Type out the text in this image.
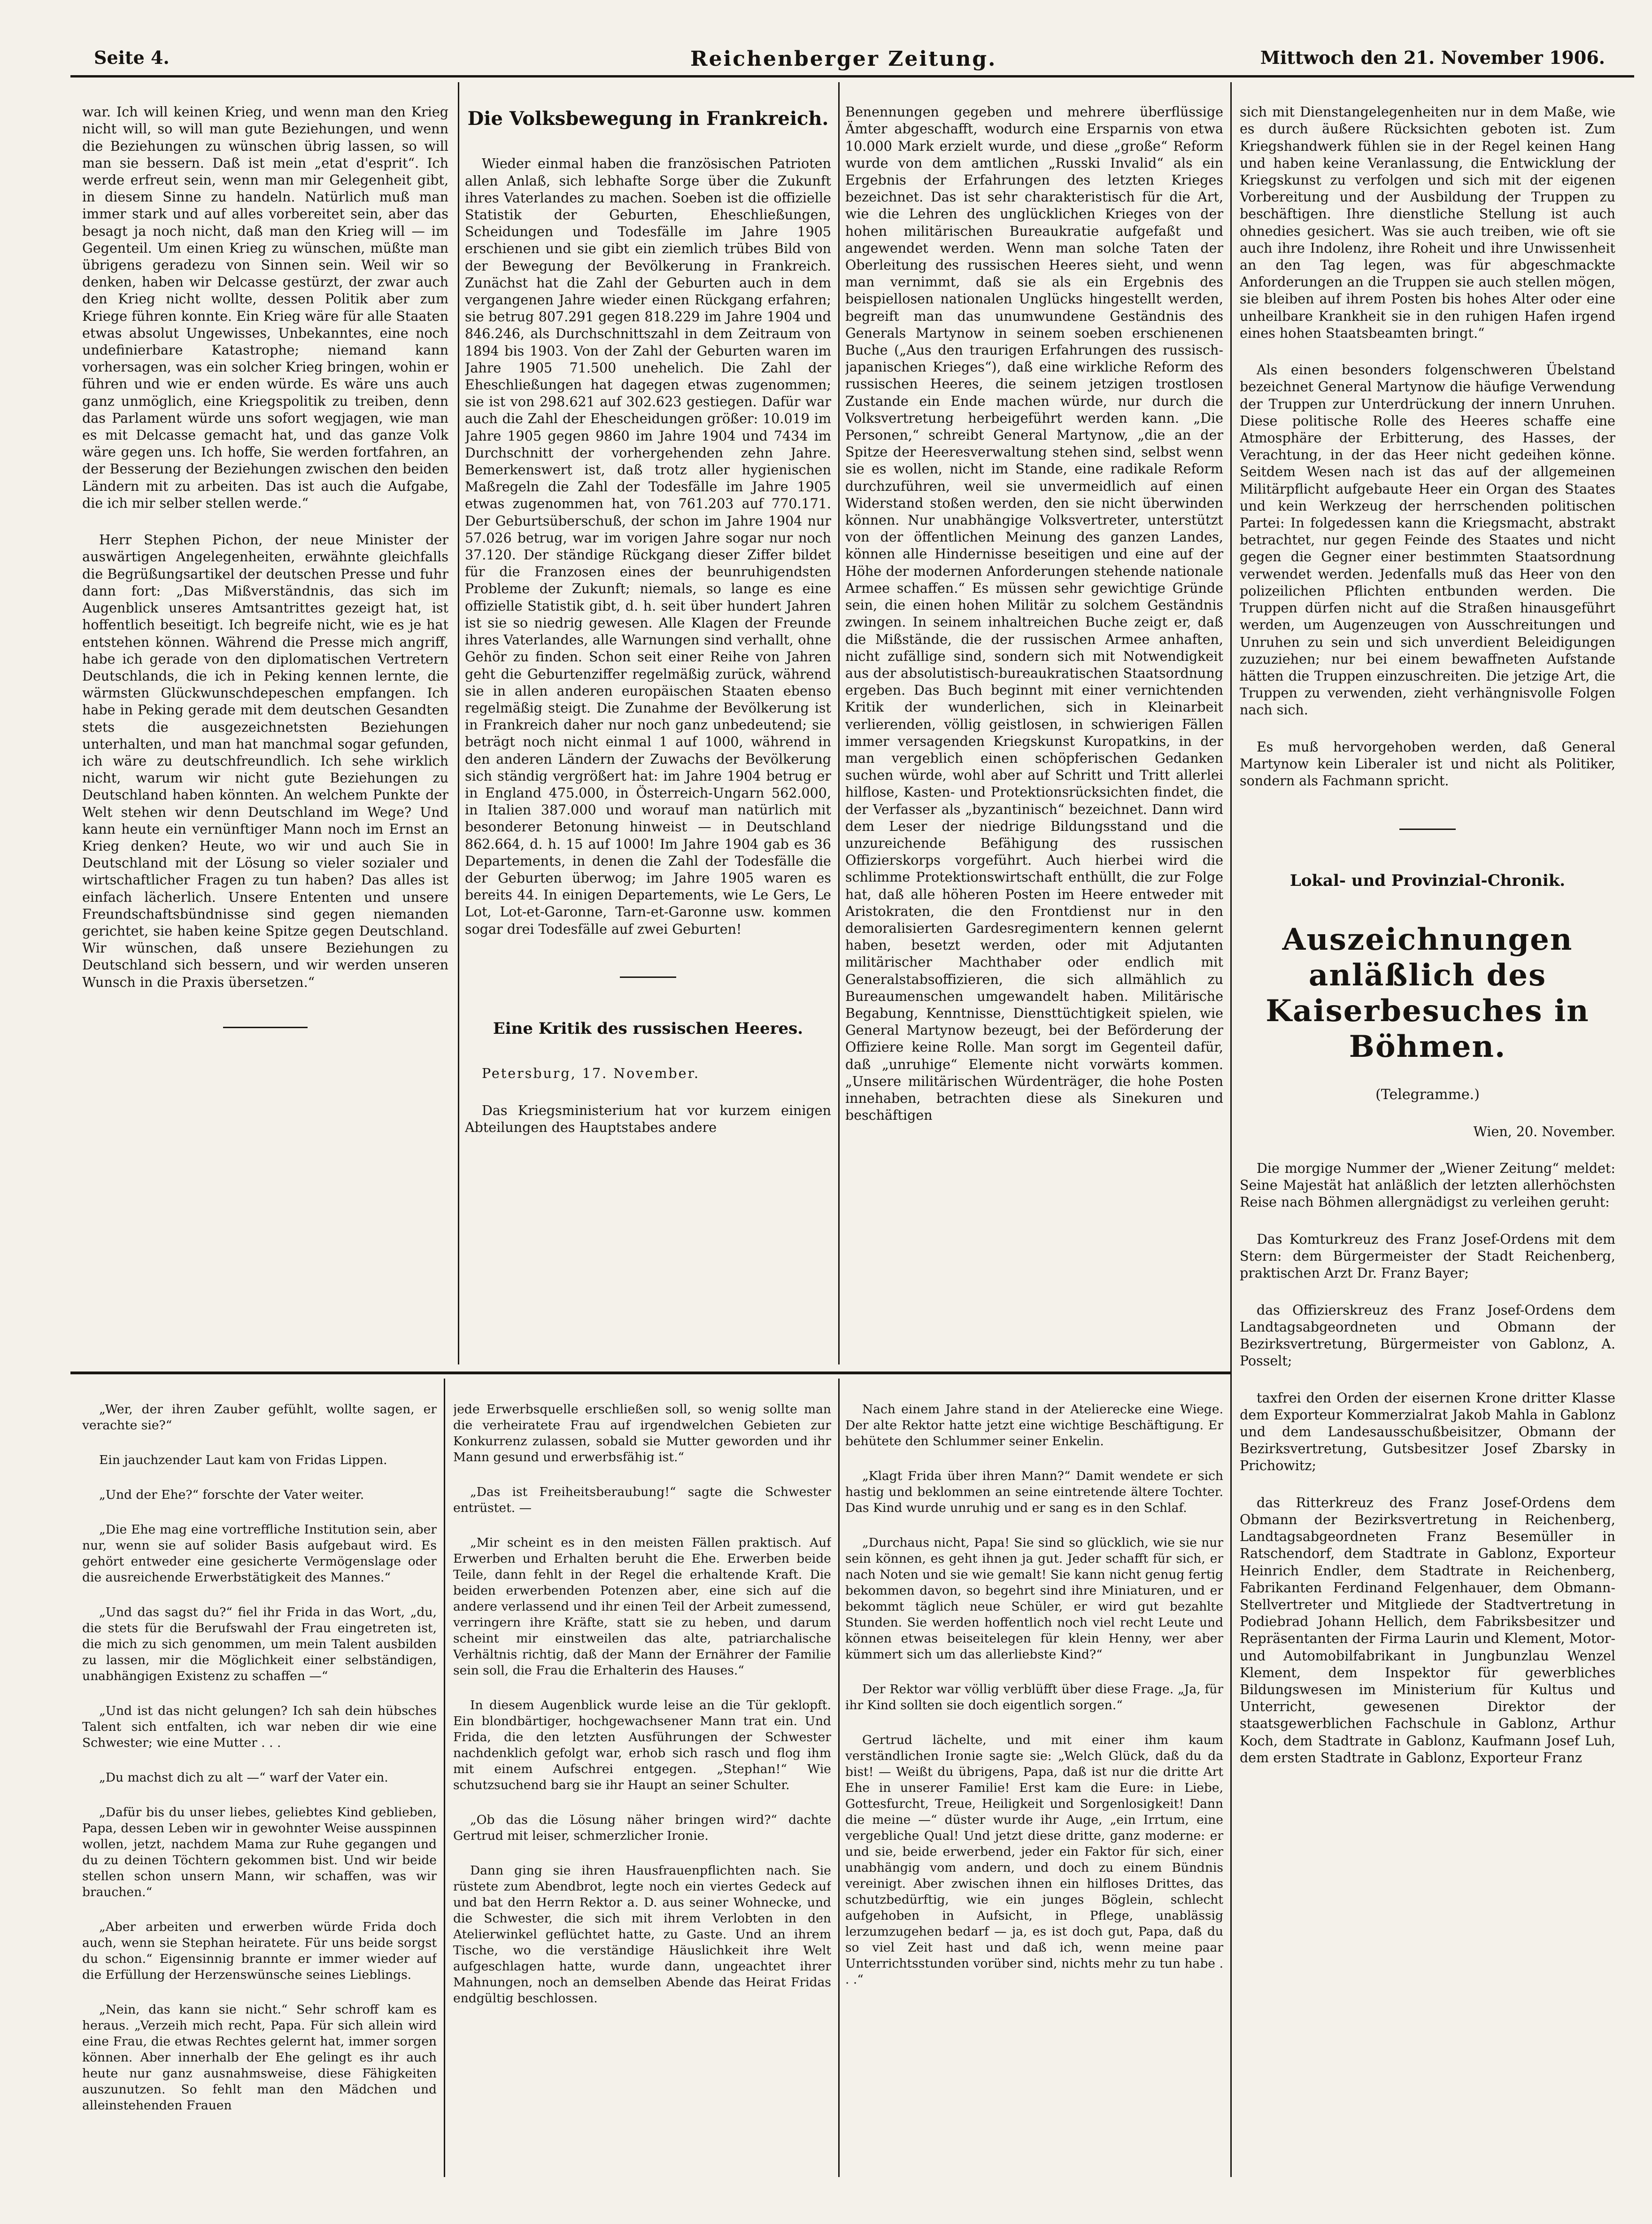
Seite 4.	Reichenberger Zeitung.	Mittwoch den 21. November 1906.

war. Ich will keinen Krieg, und wenn man den Krieg nicht will, so will man gute Beziehungen, und wenn die Beziehungen zu wünschen übrig lassen, so will man sie bessern. Daß ist mein „etat d'esprit“. Ich werde erfreut sein, wenn man mir Gelegenheit gibt, in diesem Sinne zu handeln. Natürlich muß man immer stark und auf alles vorbereitet sein, aber das besagt ja noch nicht, daß man den Krieg will — im Gegenteil. Um einen Krieg zu wünschen, müßte man übrigens geradezu von Sinnen sein. Weil wir so denken, haben wir Delcasse gestürzt, der zwar auch den Krieg nicht wollte, dessen Politik aber zum Kriege führen konnte. Ein Krieg wäre für alle Staaten etwas absolut Ungewisses, Unbekanntes, eine noch undefinierbare Katastrophe; niemand kann vorhersagen, was ein solcher Krieg bringen, wohin er führen und wie er enden würde. Es wäre uns auch ganz unmöglich, eine Kriegspolitik zu treiben, denn das Parlament würde uns sofort wegjagen, wie man es mit Delcasse gemacht hat, und das ganze Volk wäre gegen uns. Ich hoffe, Sie werden fortfahren, an der Besserung der Beziehungen zwischen den beiden Ländern mit zu arbeiten. Das ist auch die Aufgabe, die ich mir selber stellen werde.“

Herr Stephen Pichon, der neue Minister der auswärtigen Angelegenheiten, erwähnte gleichfalls die Begrüßungsartikel der deutschen Presse und fuhr dann fort: „Das Mißverständnis, das sich im Augenblick unseres Amtsantrittes gezeigt hat, ist hoffentlich beseitigt. Ich begreife nicht, wie es je hat entstehen können. Während die Presse mich angriff, habe ich gerade von den diplomatischen Vertretern Deutschlands, die ich in Peking kennen lernte, die wärmsten Glückwunschdepeschen empfangen. Ich habe in Peking gerade mit dem deutschen Gesandten stets die ausgezeichnetsten Beziehungen unterhalten, und man hat manchmal sogar gefunden, ich wäre zu deutschfreundlich. Ich sehe wirklich nicht, warum wir nicht gute Beziehungen zu Deutschland haben könnten. An welchem Punkte der Welt stehen wir denn Deutschland im Wege? Und kann heute ein vernünftiger Mann noch im Ernst an Krieg denken? Heute, wo wir und auch Sie in Deutschland mit der Lösung so vieler sozialer und wirtschaftlicher Fragen zu tun haben? Das alles ist einfach lächerlich. Unsere Ententen und unsere Freundschaftsbündnisse sind gegen niemanden gerichtet, sie haben keine Spitze gegen Deutschland. Wir wünschen, daß unsere Beziehungen zu Deutschland sich bessern, und wir werden unseren Wunsch in die Praxis übersetzen.“

Die Volksbewegung in Frankreich.

Wieder einmal haben die französischen Patrioten allen Anlaß, sich lebhafte Sorge über die Zukunft ihres Vaterlandes zu machen. Soeben ist die offizielle Statistik der Geburten, Eheschließungen, Scheidungen und Todesfälle im Jahre 1905 erschienen und sie gibt ein ziemlich trübes Bild von der Bewegung der Bevölkerung in Frankreich. Zunächst hat die Zahl der Geburten auch in dem vergangenen Jahre wieder einen Rückgang erfahren; sie betrug 807.291 gegen 818.229 im Jahre 1904 und 846.246, als Durchschnittszahl in dem Zeitraum von 1894 bis 1903. Von der Zahl der Geburten waren im Jahre 1905 71.500 unehelich. Die Zahl der Eheschließungen hat dagegen etwas zugenommen; sie ist von 298.621 auf 302.623 gestiegen. Dafür war auch die Zahl der Ehescheidungen größer: 10.019 im Jahre 1905 gegen 9860 im Jahre 1904 und 7434 im Durchschnitt der vorhergehenden zehn Jahre. Bemerkenswert ist, daß trotz aller hygienischen Maßregeln die Zahl der Todesfälle im Jahre 1905 etwas zugenommen hat, von 761.203 auf 770.171. Der Geburtsüberschuß, der schon im Jahre 1904 nur 57.026 betrug, war im vorigen Jahre sogar nur noch 37.120. Der ständige Rückgang dieser Ziffer bildet für die Franzosen eines der beunruhigendsten Probleme der Zukunft; niemals, so lange es eine offizielle Statistik gibt, d. h. seit über hundert Jahren ist sie so niedrig gewesen. Alle Klagen der Freunde ihres Vaterlandes, alle Warnungen sind verhallt, ohne Gehör zu finden. Schon seit einer Reihe von Jahren geht die Geburtenziffer regelmäßig zurück, während sie in allen anderen europäischen Staaten ebenso regelmäßig steigt. Die Zunahme der Bevölkerung ist in Frankreich daher nur noch ganz unbedeutend; sie beträgt noch nicht einmal 1 auf 1000, während in den anderen Ländern der Zuwachs der Bevölkerung sich ständig vergrößert hat: im Jahre 1904 betrug er in England 475.000, in Österreich-Ungarn 562.000, in Italien 387.000 und worauf man natürlich mit besonderer Betonung hinweist — in Deutschland 862.664, d. h. 15 auf 1000! Im Jahre 1904 gab es 36 Departements, in denen die Zahl der Todesfälle die der Geburten überwog; im Jahre 1905 waren es bereits 44. In einigen Departements, wie Le Gers, Le Lot, Lot-et-Garonne, Tarn-et-Garonne usw. kommen sogar drei Todesfälle auf zwei Geburten!

Eine Kritik des russischen Heeres.

Petersburg, 17. November.

Das Kriegsministerium hat vor kurzem einigen Abteilungen des Hauptstabes andere

Benennungen gegeben und mehrere überflüssige Ämter abgeschafft, wodurch eine Ersparnis von etwa 10.000 Mark erzielt wurde, und diese „große“ Reform wurde von dem amtlichen „Russki Invalid“ als ein Ergebnis der Erfahrungen des letzten Krieges bezeichnet. Das ist sehr charakteristisch für die Art, wie die Lehren des unglücklichen Krieges von der hohen militärischen Bureaukratie aufgefaßt und angewendet werden. Wenn man solche Taten der Oberleitung des russischen Heeres sieht, und wenn man vernimmt, daß sie als ein Ergebnis des beispiellosen nationalen Unglücks hingestellt werden, begreift man das unumwundene Geständnis des Generals Martynow in seinem soeben erschienenen Buche („Aus den traurigen Erfahrungen des russisch-japanischen Krieges“), daß eine wirkliche Reform des russischen Heeres, die seinem jetzigen trostlosen Zustande ein Ende machen würde, nur durch die Volksvertretung herbeigeführt werden kann. „Die Personen,“ schreibt General Martynow, „die an der Spitze der Heeresverwaltung stehen sind, selbst wenn sie es wollen, nicht im Stande, eine radikale Reform durchzuführen, weil sie unvermeidlich auf einen Widerstand stoßen werden, den sie nicht überwinden können. Nur unabhängige Volksvertreter, unterstützt von der öffentlichen Meinung des ganzen Landes, können alle Hindernisse beseitigen und eine auf der Höhe der modernen Anforderungen stehende nationale Armee schaffen.“ Es müssen sehr gewichtige Gründe sein, die einen hohen Militär zu solchem Geständnis zwingen. In seinem inhaltreichen Buche zeigt er, daß die Mißstände, die der russischen Armee anhaften, nicht zufällige sind, sondern sich mit Notwendigkeit aus der absolutistisch-bureaukratischen Staatsordnung ergeben. Das Buch beginnt mit einer vernichtenden Kritik der wunderlichen, sich in Kleinarbeit verlierenden, völlig geistlosen, in schwierigen Fällen immer versagenden Kriegskunst Kuropatkins, in der man vergeblich einen schöpferischen Gedanken suchen würde, wohl aber auf Schritt und Tritt allerlei hilflose, Kasten- und Protektionsrücksichten findet, die der Verfasser als „byzantinisch“ bezeichnet. Dann wird dem Leser der niedrige Bildungsstand und die unzureichende Befähigung des russischen Offizierskorps vorgeführt. Auch hierbei wird die schlimme Protektionswirtschaft enthüllt, die zur Folge hat, daß alle höheren Posten im Heere entweder mit Aristokraten, die den Frontdienst nur in den demoralisierten Gardesregimentern kennen gelernt haben, besetzt werden, oder mit Adjutanten militärischer Machthaber oder endlich mit Generalstabsoffizieren, die sich allmählich zu Bureaumenschen umgewandelt haben. Militärische Begabung, Kenntnisse, Diensttüchtigkeit spielen, wie General Martynow bezeugt, bei der Beförderung der Offiziere keine Rolle. Man sorgt im Gegenteil dafür, daß „unruhige“ Elemente nicht vorwärts kommen. „Unsere militärischen Würdenträger, die hohe Posten innehaben, betrachten diese als Sinekuren und beschäftigen

sich mit Dienstangelegenheiten nur in dem Maße, wie es durch äußere Rücksichten geboten ist. Zum Kriegshandwerk fühlen sie in der Regel keinen Hang und haben keine Veranlassung, die Entwicklung der Kriegskunst zu verfolgen und sich mit der eigenen Vorbereitung und der Ausbildung der Truppen zu beschäftigen. Ihre dienstliche Stellung ist auch ohnedies gesichert. Was sie auch treiben, wie oft sie auch ihre Indolenz, ihre Roheit und ihre Unwissenheit an den Tag legen, was für abgeschmackte Anforderungen an die Truppen sie auch stellen mögen, sie bleiben auf ihrem Posten bis hohes Alter oder eine unheilbare Krankheit sie in den ruhigen Hafen irgend eines hohen Staatsbeamten bringt.“

Als einen besonders folgenschweren Übelstand bezeichnet General Martynow die häufige Verwendung der Truppen zur Unterdrückung der innern Unruhen. Diese politische Rolle des Heeres schaffe eine Atmosphäre der Erbitterung, des Hasses, der Verachtung, in der das Heer nicht gedeihen könne. Seitdem Wesen nach ist das auf der allgemeinen Militärpflicht aufgebaute Heer ein Organ des Staates und kein Werkzeug der herrschenden politischen Partei: In folgedessen kann die Kriegsmacht, abstrakt betrachtet, nur gegen Feinde des Staates und nicht gegen die Gegner einer bestimmten Staatsordnung verwendet werden. Jedenfalls muß das Heer von den polizeilichen Pflichten entbunden werden. Die Truppen dürfen nicht auf die Straßen hinausgeführt werden, um Augenzeugen von Ausschreitungen und Unruhen zu sein und sich unverdient Beleidigungen zuzuziehen; nur bei einem bewaffneten Aufstande hätten die Truppen einzuschreiten. Die jetzige Art, die Truppen zu verwenden, zieht verhängnisvolle Folgen nach sich.

Es muß hervorgehoben werden, daß General Martynow kein Liberaler ist und nicht als Politiker, sondern als Fachmann spricht.

Lokal- und Provinzial-Chronik.

Auszeichnungen anläßlich des Kaiserbesuches in Böhmen.

(Telegramme.)

Wien, 20. November.

Die morgige Nummer der „Wiener Zeitung“ meldet: Seine Majestät hat anläßlich der letzten allerhöchsten Reise nach Böhmen allergnädigst zu verleihen geruht:

Das Komturkreuz des Franz Josef-Ordens mit dem Stern: dem Bürgermeister der Stadt Reichenberg, praktischen Arzt Dr. Franz Bayer;

das Offizierskreuz des Franz Josef-Ordens dem Landtagsabgeordneten und Obmann der Bezirksvertretung, Bürgermeister von Gablonz, A. Posselt;

taxfrei den Orden der eisernen Krone dritter Klasse dem Exporteur Kommerzialrat Jakob Mahla in Gablonz und dem Landesausschußbeisitzer, Obmann der Bezirksvertretung, Gutsbesitzer Josef Zbarsky in Prichowitz;

das Ritterkreuz des Franz Josef-Ordens dem Obmann der Bezirksvertretung in Reichenberg, Landtagsabgeordneten Franz Besemüller in Ratschendorf, dem Stadtrate in Gablonz, Exporteur Heinrich Endler, dem Stadtrate in Reichenberg, Fabrikanten Ferdinand Felgenhauer, dem Obmann-Stellvertreter und Mitgliede der Stadtvertretung in Podiebrad Johann Hellich, dem Fabriksbesitzer und Repräsentanten der Firma Laurin und Klement, Motor- und Automobilfabrikant in Jungbunzlau Wenzel Klement, dem Inspektor für gewerbliches Bildungswesen im Ministerium für Kultus und Unterricht, gewesenen Direktor der staatsgewerblichen Fachschule in Gablonz, Arthur Koch, dem Stadtrate in Gablonz, Kaufmann Josef Luh, dem ersten Stadtrate in Gablonz, Exporteur Franz

„Wer, der ihren Zauber gefühlt, wollte sagen, er verachte sie?“

Ein jauchzender Laut kam von Fridas Lippen.

„Und der Ehe?“ forschte der Vater weiter.

„Die Ehe mag eine vortreffliche Institution sein, aber nur, wenn sie auf solider Basis aufgebaut wird. Es gehört entweder eine gesicherte Vermögenslage oder die ausreichende Erwerbstätigkeit des Mannes.“

„Und das sagst du?“ fiel ihr Frida in das Wort, „du, die stets für die Berufswahl der Frau eingetreten ist, die mich zu sich genommen, um mein Talent ausbilden zu lassen, mir die Möglichkeit einer selbständigen, unabhängigen Existenz zu schaffen —“

„Und ist das nicht gelungen? Ich sah dein hübsches Talent sich entfalten, ich war neben dir wie eine Schwester; wie eine Mutter . . .

„Du machst dich zu alt —“ warf der Vater ein.

„Dafür bis du unser liebes, geliebtes Kind geblieben, Papa, dessen Leben wir in gewohnter Weise ausspinnen wollen, jetzt, nachdem Mama zur Ruhe gegangen und du zu deinen Töchtern gekommen bist. Und wir beide stellen schon unsern Mann, wir schaffen, was wir brauchen.“

„Aber arbeiten und erwerben würde Frida doch auch, wenn sie Stephan heiratete. Für uns beide sorgst du schon.“ Eigensinnig brannte er immer wieder auf die Erfüllung der Herzenswünsche seines Lieblings.

„Nein, das kann sie nicht.“ Sehr schroff kam es heraus. „Verzeih mich recht, Papa. Für sich allein wird eine Frau, die etwas Rechtes gelernt hat, immer sorgen können. Aber innerhalb der Ehe gelingt es ihr auch heute nur ganz ausnahmsweise, diese Fähigkeiten auszunutzen. So fehlt man den Mädchen und alleinstehenden Frauen

jede Erwerbsquelle erschließen soll, so wenig sollte man die verheiratete Frau auf irgendwelchen Gebieten zur Konkurrenz zulassen, sobald sie Mutter geworden und ihr Mann gesund und erwerbsfähig ist.“

„Das ist Freiheitsberaubung!“ sagte die Schwester entrüstet. —

„Mir scheint es in den meisten Fällen praktisch. Auf Erwerben und Erhalten beruht die Ehe. Erwerben beide Teile, dann fehlt in der Regel die erhaltende Kraft. Die beiden erwerbenden Potenzen aber, eine sich auf die andere verlassend und ihr einen Teil der Arbeit zumessend, verringern ihre Kräfte, statt sie zu heben, und darum scheint mir einstweilen das alte, patriarchalische Verhältnis richtig, daß der Mann der Ernährer der Familie sein soll, die Frau die Erhalterin des Hauses.“

In diesem Augenblick wurde leise an die Tür geklopft. Ein blondbärtiger, hochgewachsener Mann trat ein. Und Frida, die den letzten Ausführungen der Schwester nachdenklich gefolgt war, erhob sich rasch und flog ihm mit einem Aufschrei entgegen. „Stephan!“ Wie schutzsuchend barg sie ihr Haupt an seiner Schulter.

„Ob das die Lösung näher bringen wird?“ dachte Gertrud mit leiser, schmerzlicher Ironie.

Dann ging sie ihren Hausfrauenpflichten nach. Sie rüstete zum Abendbrot, legte noch ein viertes Gedeck auf und bat den Herrn Rektor a. D. aus seiner Wohnecke, und die Schwester, die sich mit ihrem Verlobten in den Atelierwinkel geflüchtet hatte, zu Gaste. Und an ihrem Tische, wo die verständige Häuslichkeit ihre Welt aufgeschlagen hatte, wurde dann, ungeachtet ihrer Mahnungen, noch an demselben Abende das Heirat Fridas endgültig beschlossen.

Nach einem Jahre stand in der Atelierecke eine Wiege. Der alte Rektor hatte jetzt eine wichtige Beschäftigung. Er behütete den Schlummer seiner Enkelin.

„Klagt Frida über ihren Mann?“ Damit wendete er sich hastig und beklommen an seine eintretende ältere Tochter. Das Kind wurde unruhig und er sang es in den Schlaf.

„Durchaus nicht, Papa! Sie sind so glücklich, wie sie nur sein können, es geht ihnen ja gut. Jeder schafft für sich, er nach Noten und sie wie gemalt! Sie kann nicht genug fertig bekommen davon, so begehrt sind ihre Miniaturen, und er bekommt täglich neue Schüler, er wird gut bezahlte Stunden. Sie werden hoffentlich noch viel recht Leute und können etwas beiseitelegen für klein Henny, wer aber kümmert sich um das allerliebste Kind?“

Der Rektor war völlig verblüfft über diese Frage. „Ja, für ihr Kind sollten sie doch eigentlich sorgen.“

Gertrud lächelte, und mit einer ihm kaum verständlichen Ironie sagte sie: „Welch Glück, daß du da bist! — Weißt du übrigens, Papa, daß ist nur die dritte Art Ehe in unserer Familie! Erst kam die Eure: in Liebe, Gottesfurcht, Treue, Heiligkeit und Sorgenlosigkeit! Dann die meine —“ düster wurde ihr Auge, „ein Irrtum, eine vergebliche Qual! Und jetzt diese dritte, ganz moderne: er und sie, beide erwerbend, jeder ein Faktor für sich, einer unabhängig vom andern, und doch zu einem Bündnis vereinigt. Aber zwischen ihnen ein hilfloses Drittes, das schutzbedürftig, wie ein junges Böglein, schlecht aufgehoben in Aufsicht, in Pflege, unablässig lerzumzugehen bedarf — ja, es ist doch gut, Papa, daß du so viel Zeit hast und daß ich, wenn meine paar Unterrichtsstunden vorüber sind, nichts mehr zu tun habe . . .“
